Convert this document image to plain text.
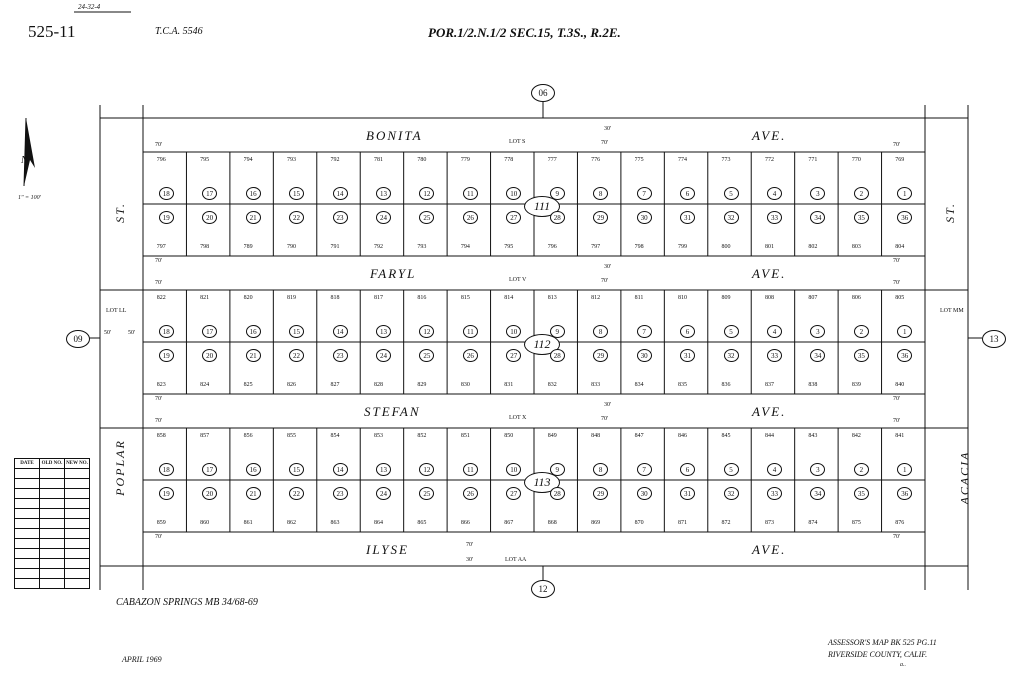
24-32-4
525-11	T.C.A. 5546	POR.1/2.N.1/2 SEC.15, T.3S., R.2E.
1" = 100'
N
06
09	13
12
BONITA	AVE.
LOT S
30'
70'
FARYL	AVE.
LOT V
30'
70'
STEFAN	AVE.
LOT X
30'
70'
ILYSE	AVE.
70'
30'	LOT AA
ST.
POPLAR
ST.
ACACIA
LOT LL	LOT MM
50'	50'
111
112
113
DATE	OLD NO.	NEW NO.

CABAZON SPRINGS MB 34/68-69
APRIL 1969
ASSESSOR'S MAP BK 525 PG.11
RIVERSIDE COUNTY, CALIF.
a..
796	795	794	793	792	781	780	779	778	777	776	775	774	773	772	771	770	769
18	17	16	15	14	13	12	11	10	9	8	7	6	5	4	3	2	1
19	20	21	22	23	24	25	26	27	28	29	30	31	32	33	34	35	36
797	798	789	790	791	792	793	794	795	796	797	798	799	800	801	802	803	804
70'	70'
70'	70'
822	821	820	819	818	817	816	815	814	813	812	811	810	809	808	807	806	805
18	17	16	15	14	13	12	11	10	9	8	7	6	5	4	3	2	1
19	20	21	22	23	24	25	26	27	28	29	30	31	32	33	34	35	36
823	824	825	826	827	828	829	830	831	832	833	834	835	836	837	838	839	840
70'	70'
70'	70'
858	857	856	855	854	853	852	851	850	849	848	847	846	845	844	843	842	841
18	17	16	15	14	13	12	11	10	9	8	7	6	5	4	3	2	1
19	20	21	22	23	24	25	26	27	28	29	30	31	32	33	34	35	36
859	860	861	862	863	864	865	866	867	868	869	870	871	872	873	874	875	876
70'	70'
70'	70'
